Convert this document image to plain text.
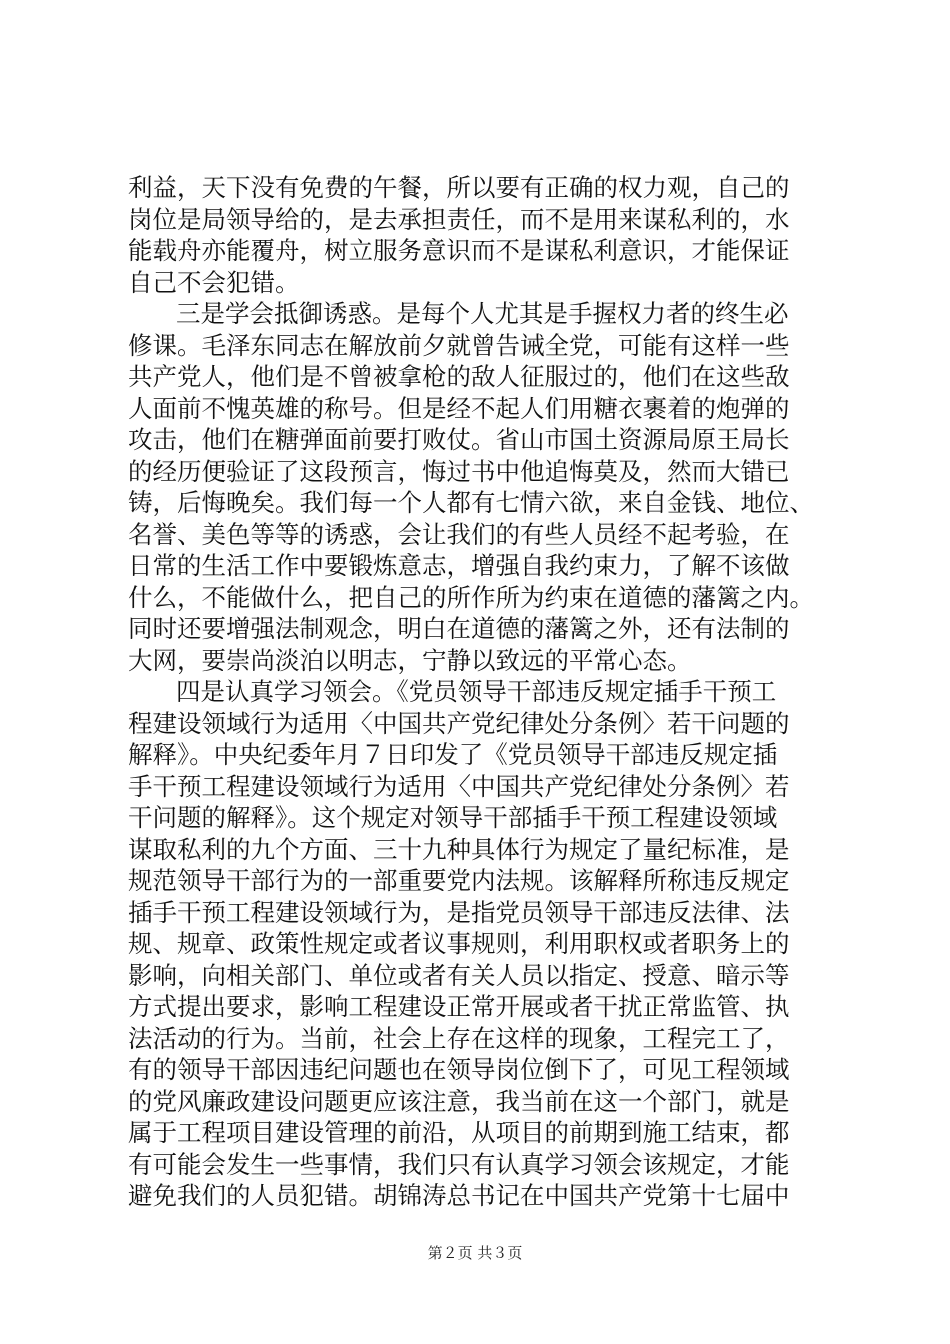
利益，天下没有免费的午餐，所以要有正确的权力观，自己的
岗位是局领导给的，是去承担责任，而不是用来谋私利的，水
能载舟亦能覆舟，树立服务意识而不是谋私利意识，才能保证
自己不会犯错。
三是学会抵御诱惑。是每个人尤其是手握权力者的终生必
修课。毛泽东同志在解放前夕就曾告诫全党，可能有这样一些
共产党人，他们是不曾被拿枪的敌人征服过的，他们在这些敌
人面前不愧英雄的称号。但是经不起人们用糖衣裹着的炮弹的
攻击，他们在糖弹面前要打败仗。省山市国土资源局原王局长
的经历便验证了这段预言，悔过书中他追悔莫及，然而大错已
铸，后悔晚矣。我们每一个人都有七情六欲，来自金钱、地位、
名誉、美色等等的诱惑，会让我们的有些人员经不起考验，在
日常的生活工作中要锻炼意志，增强自我约束力，了解不该做
什么，不能做什么，把自己的所作所为约束在道德的藩篱之内。
同时还要增强法制观念，明白在道德的藩篱之外，还有法制的
大网，要崇尚淡泊以明志，宁静以致远的平常心态。
四是认真学习领会。《党员领导干部违反规定插手干预工
程建设领域行为适用〈中国共产党纪律处分条例〉若干问题的
解释》。中央纪委年月７日印发了《党员领导干部违反规定插
手干预工程建设领域行为适用〈中国共产党纪律处分条例〉若
干问题的解释》。这个规定对领导干部插手干预工程建设领域
谋取私利的九个方面、三十九种具体行为规定了量纪标准，是
规范领导干部行为的一部重要党内法规。该解释所称违反规定
插手干预工程建设领域行为，是指党员领导干部违反法律、法
规、规章、政策性规定或者议事规则，利用职权或者职务上的
影响，向相关部门、单位或者有关人员以指定、授意、暗示等
方式提出要求，影响工程建设正常开展或者干扰正常监管、执
法活动的行为。当前，社会上存在这样的现象，工程完工了，
有的领导干部因违纪问题也在领导岗位倒下了，可见工程领域
的党风廉政建设问题更应该注意，我当前在这一个部门，就是
属于工程项目建设管理的前沿，从项目的前期到施工结束，都
有可能会发生一些事情，我们只有认真学习领会该规定，才能
避免我们的人员犯错。胡锦涛总书记在中国共产党第十七届中
第２页 共３页
